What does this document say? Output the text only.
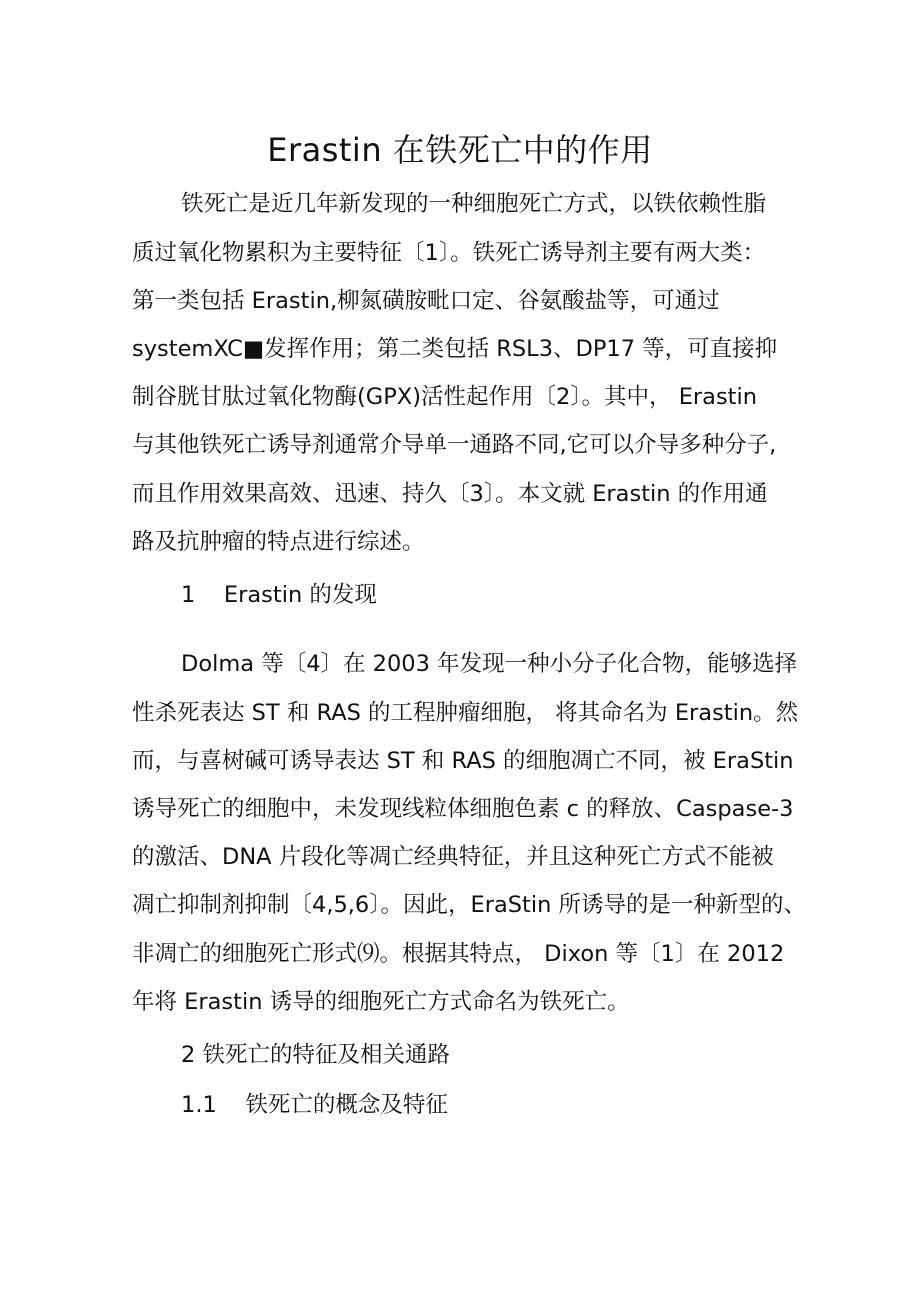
Erastin 在铁死亡中的作用
铁死亡是近几年新发现的一种细胞死亡方式，以铁依赖性脂
质过氧化物累积为主要特征〔1〕。铁死亡诱导剂主要有两大类：
第一类包括 Erastin,柳氮磺胺毗口定、谷氨酸盐等，可通过
systemXC■发挥作用；第二类包括 RSL3、DP17 等，可直接抑
制谷胱甘肽过氧化物酶(GPX)活性起作用〔2〕。其中， Erastin
与其他铁死亡诱导剂通常介导单一通路不同,它可以介导多种分子,
而且作用效果高效、迅速、持久〔3〕。本文就 Erastin 的作用通
路及抗肿瘤的特点进行综述。
1    Erastin 的发现
Dolma 等〔4〕在 2003 年发现一种小分子化合物，能够选择
性杀死表达 ST 和 RAS 的工程肿瘤细胞， 将其命名为 Erastin。然
而，与喜树碱可诱导表达 ST 和 RAS 的细胞凋亡不同，被 EraStin
诱导死亡的细胞中，未发现线粒体细胞色素 c 的释放、Caspase-3
的激活、DNA 片段化等凋亡经典特征，并且这种死亡方式不能被
凋亡抑制剂抑制〔4,5,6〕。因此，EraStin 所诱导的是一种新型的、
非凋亡的细胞死亡形式⑼。根据其特点， Dixon 等〔1〕在 2012
年将 Erastin 诱导的细胞死亡方式命名为铁死亡。
2 铁死亡的特征及相关通路
1.1    铁死亡的概念及特征
